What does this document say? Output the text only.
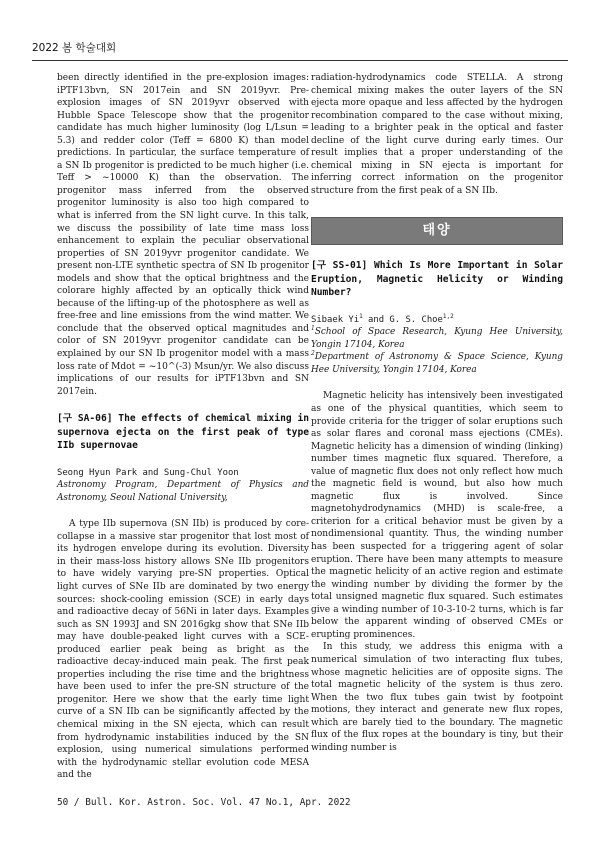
2022 봄 학술대회

been directly identified in the pre-explosion images: iPTF13bvn, SN 2017ein and SN 2019yvr. Pre-explosion images of SN 2019yvr observed with Hubble Space Telescope show that the progenitor candidate has much higher luminosity (log L/Lsun = 5.3) and redder color (Teff = 6800 K) than model predictions. In particular, the surface temperature of a SN Ib progenitor is predicted to be much higher (i.e. Teff > ~10000 K) than the observation. The progenitor mass inferred from the observed progenitor luminosity is also too high compared to what is inferred from the SN light curve. In this talk, we discuss the possibility of late time mass loss enhancement to explain the peculiar observational properties of SN 2019yvr progenitor candidate. We present non-LTE synthetic spectra of SN Ib progenitor models and show that the optical brightness and the colorare highly affected by an optically thick wind because of the lifting-up of the photosphere as well as free-free and line emissions from the wind matter. We conclude that the observed optical magnitudes and color of SN 2019yvr progenitor candidate can be explained by our SN Ib progenitor model with a mass loss rate of Mdot = ~10^(-3) Msun/yr. We also discuss implications of our results for iPTF13bvn and SN 2017ein.

[구 SA-06] The effects of chemical mixing in supernova ejecta on the first peak of type IIb supernovae

Seong Hyun Park and Sung-Chul Yoon

Astronomy Program, Department of Physics and Astronomy, Seoul National University,

A type IIb supernova (SN IIb) is produced by core-collapse in a massive star progenitor that lost most of its hydrogen envelope during its evolution. Diversity in their mass-loss history allows SNe IIb progenitors to have widely varying pre-SN properties. Optical light curves of SNe IIb are dominated by two energy sources: shock-cooling emission (SCE) in early days and radioactive decay of 56Ni in later days. Examples such as SN 1993J and SN 2016gkg show that SNe IIb may have double-peaked light curves with a SCE-produced earlier peak being as bright as the radioactive decay-induced main peak. The first peak properties including the rise time and the brightness have been used to infer the pre-SN structure of the progenitor. Here we show that the early time light curve of a SN IIb can be significantly affected by the chemical mixing in the SN ejecta, which can result from hydrodynamic instabilities induced by the SN explosion, using numerical simulations performed with the hydrodynamic stellar evolution code MESA and the

radiation-hydrodynamics code STELLA. A strong chemical mixing makes the outer layers of the SN ejecta more opaque and less affected by the hydrogen recombination compared to the case without mixing, leading to a brighter peak in the optical and faster decline of the light curve during early times. Our result implies that a proper understanding of the chemical mixing in SN ejecta is important for inferring correct information on the progenitor structure from the first peak of a SN IIb.

태양

[구 SS-01] Which Is More Important in Solar Eruption, Magnetic Helicity or Winding Number?

Sibaek Yi$^1$ and G. S. Choe$^{1,2}$

$^1$School of Space Research, Kyung Hee University, Yongin 17104, Korea

$^2$Department of Astronomy & Space Science, Kyung Hee University, Yongin 17104, Korea

Magnetic helicity has intensively been investigated as one of the physical quantities, which seem to provide criteria for the trigger of solar eruptions such as solar flares and coronal mass ejections (CMEs). Magnetic helicity has a dimension of winding (linking) number times magnetic flux squared. Therefore, a value of magnetic flux does not only reflect how much the magnetic field is wound, but also how much magnetic flux is involved. Since magnetohydrodynamics (MHD) is scale-free, a criterion for a critical behavior must be given by a nondimensional quantity. Thus, the winding number has been suspected for a triggering agent of solar eruption. There have been many attempts to measure the magnetic helicity of an active region and estimate the winding number by dividing the former by the total unsigned magnetic flux squared. Such estimates give a winding number of 10-3-10-2 turns, which is far below the apparent winding of observed CMEs or erupting prominences.

In this study, we address this enigma with a numerical simulation of two interacting flux tubes, whose magnetic helicities are of opposite signs. The total magnetic helicity of the system is thus zero. When the two flux tubes gain twist by footpoint motions, they interact and generate new flux ropes, which are barely tied to the boundary. The magnetic flux of the flux ropes at the boundary is tiny, but their winding number is

50 / Bull. Kor. Astron. Soc. Vol. 47 No.1, Apr. 2022
